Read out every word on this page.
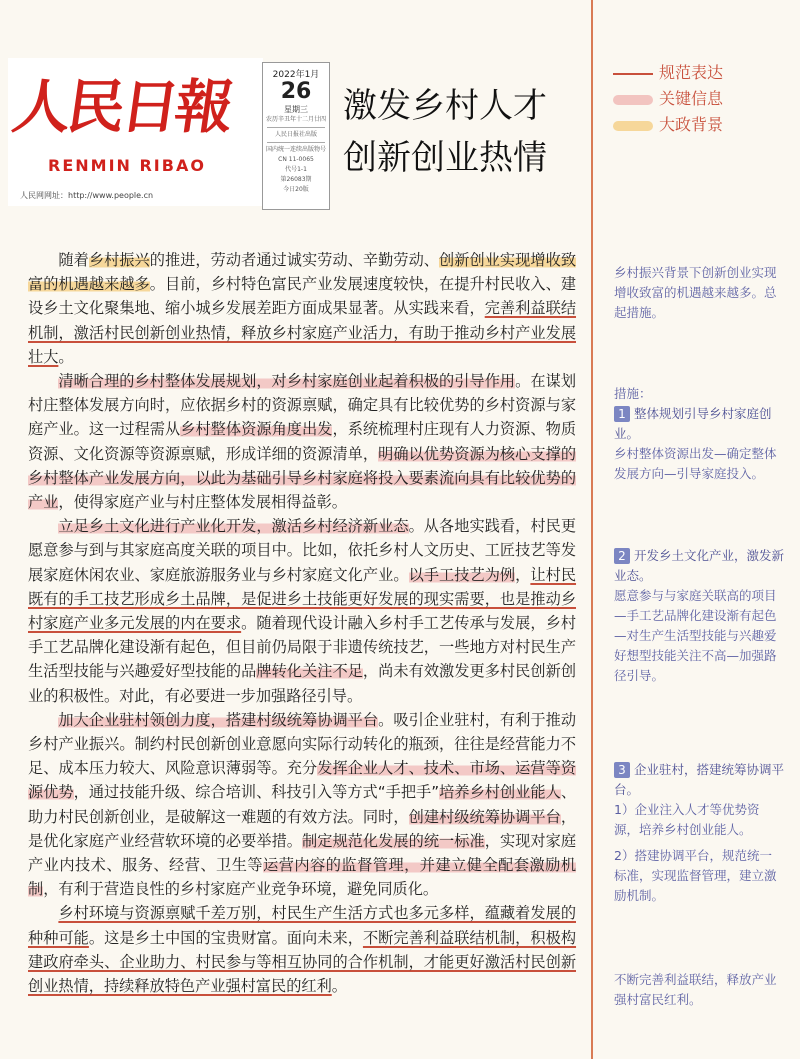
人民日報
RENMIN RIBAO
人民网网址：http://www.people.cn
2022年1月
26
星期三
农历辛丑年十二月廿四
人民日报社出版
国内统一连续出版物号
CN 11-0065
代号1-1
第26083期
今日20版
激发乡村人才
创新创业热情
规范表达
关键信息
大政背景

随着乡村振兴的推进，劳动者通过诚实劳动、辛勤劳动、创新创业实现增收致富的机遇越来越多。目前，乡村特色富民产业发展速度较快，在提升村民收入、建设乡土文化聚集地、缩小城乡发展差距方面成果显著。从实践来看，完善利益联结机制，激活村民创新创业热情，释放乡村家庭产业活力，有助于推动乡村产业发展壮大。

清晰合理的乡村整体发展规划，对乡村家庭创业起着积极的引导作用。在谋划村庄整体发展方向时，应依据乡村的资源禀赋，确定具有比较优势的乡村资源与家庭产业。这一过程需从乡村整体资源角度出发，系统梳理村庄现有人力资源、物质资源、文化资源等资源禀赋，形成详细的资源清单，明确以优势资源为核心支撑的乡村整体产业发展方向，以此为基础引导乡村家庭将投入要素流向具有比较优势的产业，使得家庭产业与村庄整体发展相得益彰。

立足乡土文化进行产业化开发，激活乡村经济新业态。从各地实践看，村民更愿意参与到与其家庭高度关联的项目中。比如，依托乡村人文历史、工匠技艺等发展家庭休闲农业、家庭旅游服务业与乡村家庭文化产业。以手工技艺为例，让村民既有的手工技艺形成乡土品牌，是促进乡土技能更好发展的现实需要，也是推动乡村家庭产业多元发展的内在要求。随着现代设计融入乡村手工艺传承与发展，乡村手工艺品牌化建设渐有起色，但目前仍局限于非遗传统技艺，一些地方对村民生产生活型技能与兴趣爱好型技能的品牌转化关注不足，尚未有效激发更多村民创新创业的积极性。对此，有必要进一步加强路径引导。

加大企业驻村领创力度，搭建村级统筹协调平台。吸引企业驻村，有利于推动乡村产业振兴。制约村民创新创业意愿向实际行动转化的瓶颈，往往是经营能力不足、成本压力较大、风险意识薄弱等。充分发挥企业人才、技术、市场、运营等资源优势，通过技能升级、综合培训、科技引入等方式“手把手”培养乡村创业能人、助力村民创新创业，是破解这一难题的有效方法。同时，创建村级统筹协调平台，是优化家庭产业经营软环境的必要举措。制定规范化发展的统一标准，实现对家庭产业内技术、服务、经营、卫生等运营内容的监督管理，并建立健全配套激励机制，有利于营造良性的乡村家庭产业竞争环境，避免同质化。

乡村环境与资源禀赋千差万别，村民生产生活方式也多元多样，蕴藏着发展的种种可能。这是乡土中国的宝贵财富。面向未来，不断完善利益联结机制，积极构建政府牵头、企业助力、村民参与等相互协同的合作机制，才能更好激活村民创新创业热情，持续释放特色产业强村富民的红利。

乡村振兴背景下创新创业实现增收致富的机遇越来越多。总起措施。
措施：
1 整体规划引导乡村家庭创业。
乡村整体资源出发—确定整体发展方向—引导家庭投入。
2 开发乡土文化产业，激发新业态。
愿意参与与家庭关联高的项目—手工艺品牌化建设渐有起色—对生产生活型技能与兴趣爱好想型技能关注不高—加强路径引导。
3 企业驻村，搭建统筹协调平台。
1）企业注入人才等优势资源，培养乡村创业能人。
2）搭建协调平台，规范统一标准，实现监督管理，建立激励机制。
不断完善利益联结，释放产业强村富民红利。
